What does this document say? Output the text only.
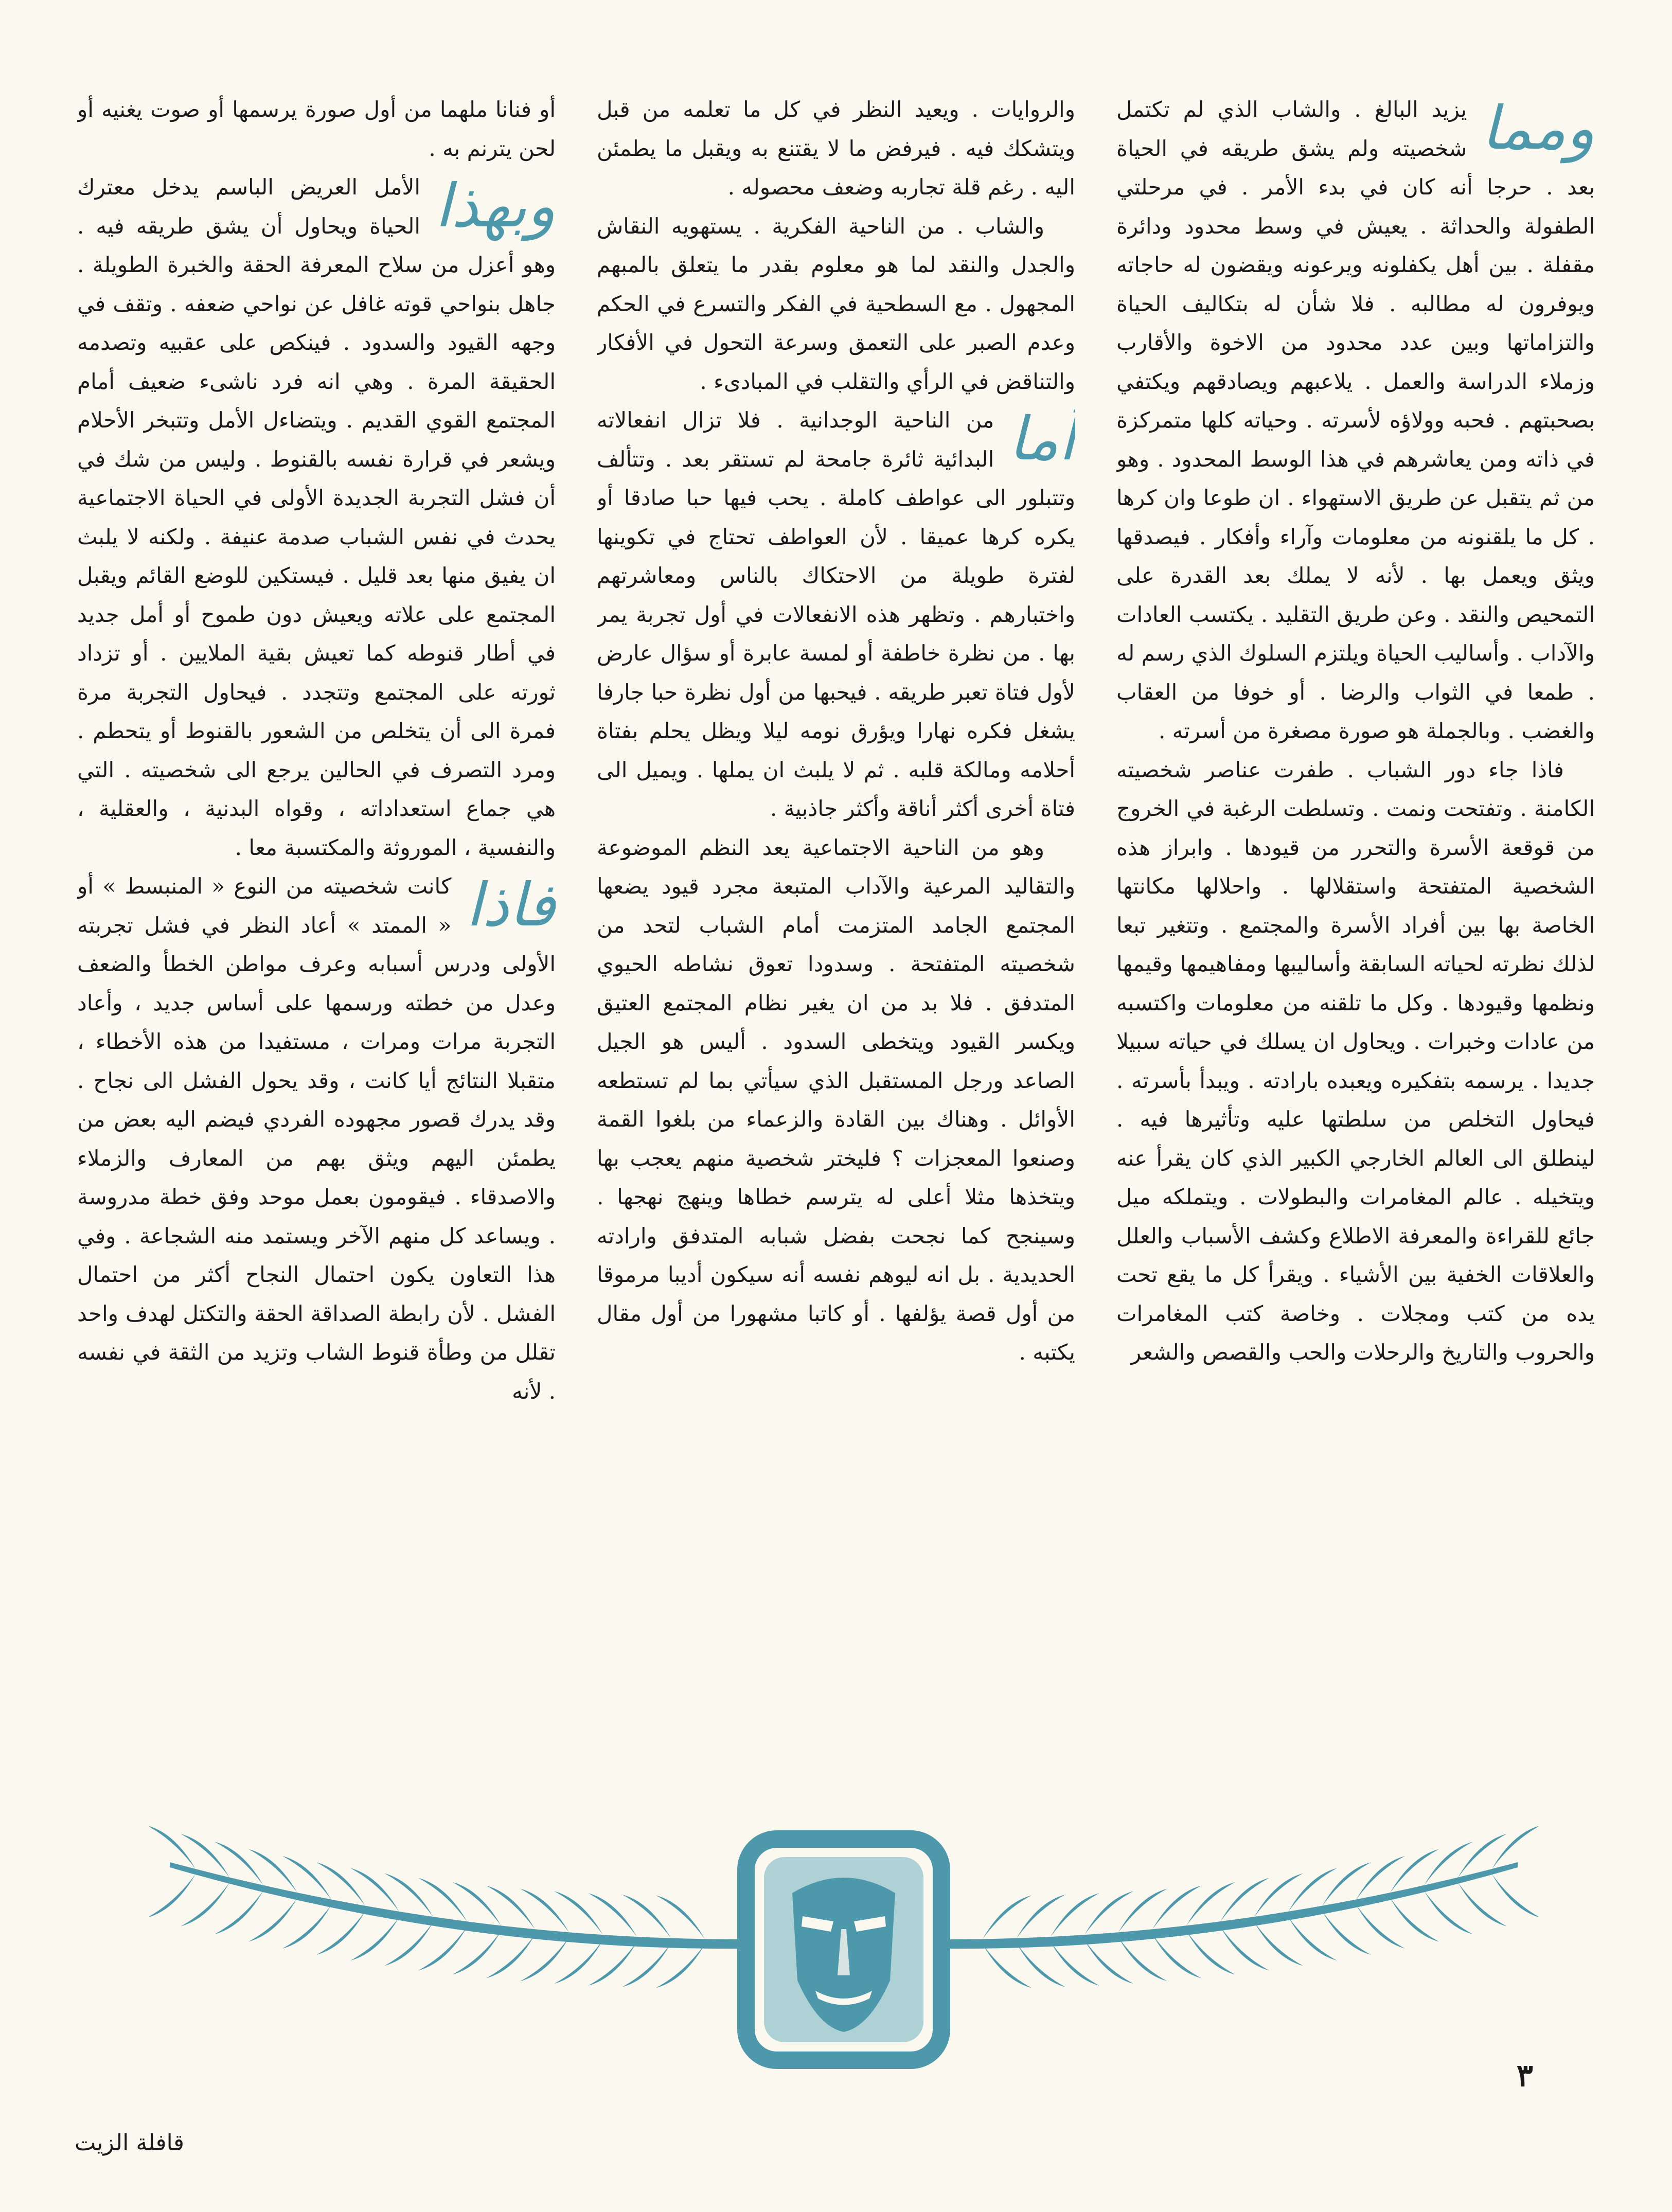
ومما

يزيد البالغ . والشاب الذي لم تكتمل شخصيته ولم يشق طريقه في الحياة بعد . حرجا أنه كان في بدء الأمر . في مرحلتي الطفولة والحداثة . يعيش في وسط محدود ودائرة مقفلة . بين أهل يكفلونه ويرعونه ويقضون له حاجاته ويوفرون له مطالبه . فلا شأن له بتكاليف الحياة والتزاماتها وبين عدد محدود من الاخوة والأقارب وزملاء الدراسة والعمل . يلاعبهم ويصادقهم ويكتفي بصحبتهم . فحبه وولاؤه لأسرته . وحياته كلها متمركزة في ذاته ومن يعاشرهم في هذا الوسط المحدود . وهو من ثم يتقبل عن طريق الاستهواء . ان طوعا وان كرها . كل ما يلقنونه من معلومات وآراء وأفكار . فيصدقها ويثق ويعمل بها . لأنه لا يملك بعد القدرة على التمحيص والنقد . وعن طريق التقليد . يكتسب العادات والآداب . وأساليب الحياة ويلتزم السلوك الذي رسم له . طمعا في الثواب والرضا . أو خوفا من العقاب والغضب . وبالجملة هو صورة مصغرة من أسرته .

فاذا جاء دور الشباب . طفرت عناصر شخصيته الكامنة . وتفتحت ونمت . وتسلطت الرغبة في الخروج من قوقعة الأسرة والتحرر من قيودها . وابراز هذه الشخصية المتفتحة واستقلالها . واحلالها مكانتها الخاصة بها بين أفراد الأسرة والمجتمع . وتتغير تبعا لذلك نظرته لحياته السابقة وأساليبها ومفاهيمها وقيمها ونظمها وقيودها . وكل ما تلقنه من معلومات واكتسبه من عادات وخبرات . ويحاول ان يسلك في حياته سبيلا جديدا . يرسمه بتفكيره ويعبده بارادته . ويبدأ بأسرته . فيحاول التخلص من سلطتها عليه وتأثيرها فيه . لينطلق الى العالم الخارجي الكبير الذي كان يقرأ عنه ويتخيله . عالم المغامرات والبطولات . ويتملكه ميل جائع للقراءة والمعرفة الاطلاع وكشف الأسباب والعلل والعلاقات الخفية بين الأشياء . ويقرأ كل ما يقع تحت يده من كتب ومجلات . وخاصة كتب المغامرات والحروب والتاريخ والرحلات والحب والقصص والشعر

والروايات . ويعيد النظر في كل ما تعلمه من قبل ويتشكك فيه . فيرفض ما لا يقتنع به ويقبل ما يطمئن اليه . رغم قلة تجاربه وضعف محصوله .

والشاب . من الناحية الفكرية . يستهويه النقاش والجدل والنقد لما هو معلوم بقدر ما يتعلق بالمبهم المجهول . مع السطحية في الفكر والتسرع في الحكم وعدم الصبر على التعمق وسرعة التحول في الأفكار والتناقض في الرأي والتقلب في المبادىء .

أما

من الناحية الوجدانية . فلا تزال انفعالاته البدائية ثائرة جامحة لم تستقر بعد . وتتألف وتتبلور الى عواطف كاملة . يحب فيها حبا صادقا أو يكره كرها عميقا . لأن العواطف تحتاج في تكوينها لفترة طويلة من الاحتكاك بالناس ومعاشرتهم واختبارهم . وتظهر هذه الانفعالات في أول تجربة يمر بها . من نظرة خاطفة أو لمسة عابرة أو سؤال عارض لأول فتاة تعبر طريقه . فيحبها من أول نظرة حبا جارفا يشغل فكره نهارا ويؤرق نومه ليلا ويظل يحلم بفتاة أحلامه ومالكة قلبه . ثم لا يلبث ان يملها . ويميل الى فتاة أخرى أكثر أناقة وأكثر جاذبية .

وهو من الناحية الاجتماعية يعد النظم الموضوعة والتقاليد المرعية والآداب المتبعة مجرد قيود يضعها المجتمع الجامد المتزمت أمام الشباب لتحد من شخصيته المتفتحة . وسدودا تعوق نشاطه الحيوي المتدفق . فلا بد من ان يغير نظام المجتمع العتيق ويكسر القيود ويتخطى السدود . أليس هو الجيل الصاعد ورجل المستقبل الذي سيأتي بما لم تستطعه الأوائل . وهناك بين القادة والزعماء من بلغوا القمة وصنعوا المعجزات ؟ فليختر شخصية منهم يعجب بها ويتخذها مثلا أعلى له يترسم خطاها وينهج نهجها . وسينجح كما نجحت بفضل شبابه المتدفق وارادته الحديدية . بل انه ليوهم نفسه أنه سيكون أديبا مرموقا من أول قصة يؤلفها . أو كاتبا مشهورا من أول مقال يكتبه .

أو فنانا ملهما من أول صورة يرسمها أو صوت يغنيه أو لحن يترنم به .

وبهذا

الأمل العريض الباسم يدخل معترك الحياة ويحاول أن يشق طريقه فيه . وهو أعزل من سلاح المعرفة الحقة والخبرة الطويلة . جاهل بنواحي قوته غافل عن نواحي ضعفه . وتقف في وجهه القيود والسدود . فينكص على عقبيه وتصدمه الحقيقة المرة . وهي انه فرد ناشىء ضعيف أمام المجتمع القوي القديم . ويتضاءل الأمل وتتبخر الأحلام ويشعر في قرارة نفسه بالقنوط . وليس من شك في أن فشل التجربة الجديدة الأولى في الحياة الاجتماعية يحدث في نفس الشباب صدمة عنيفة . ولكنه لا يلبث ان يفيق منها بعد قليل . فيستكين للوضع القائم ويقبل المجتمع على علاته ويعيش دون طموح أو أمل جديد في أطار قنوطه كما تعيش بقية الملايين . أو تزداد ثورته على المجتمع وتتجدد . فيحاول التجربة مرة فمرة الى أن يتخلص من الشعور بالقنوط أو يتحطم . ومرد التصرف في الحالين يرجع الى شخصيته . التي هي جماع استعداداته ، وقواه البدنية ، والعقلية ، والنفسية ، الموروثة والمكتسبة معا .

فاذا

كانت شخصيته من النوع « المنبسط » أو « الممتد » أعاد النظر في فشل تجربته الأولى ودرس أسبابه وعرف مواطن الخطأ والضعف وعدل من خطته ورسمها على أساس جديد ، وأعاد التجربة مرات ومرات ، مستفيدا من هذه الأخطاء ، متقبلا النتائج أيا كانت ، وقد يحول الفشل الى نجاح . وقد يدرك قصور مجهوده الفردي فيضم اليه بعض من يطمئن اليهم ويثق بهم من المعارف والزملاء والاصدقاء . فيقومون بعمل موحد وفق خطة مدروسة . ويساعد كل منهم الآخر ويستمد منه الشجاعة . وفي هذا التعاون يكون احتمال النجاح أكثر من احتمال الفشل . لأن رابطة الصداقة الحقة والتكتل لهدف واحد تقلل من وطأة قنوط الشاب وتزيد من الثقة في نفسه . لأنه

٣
قافلة الزيت
